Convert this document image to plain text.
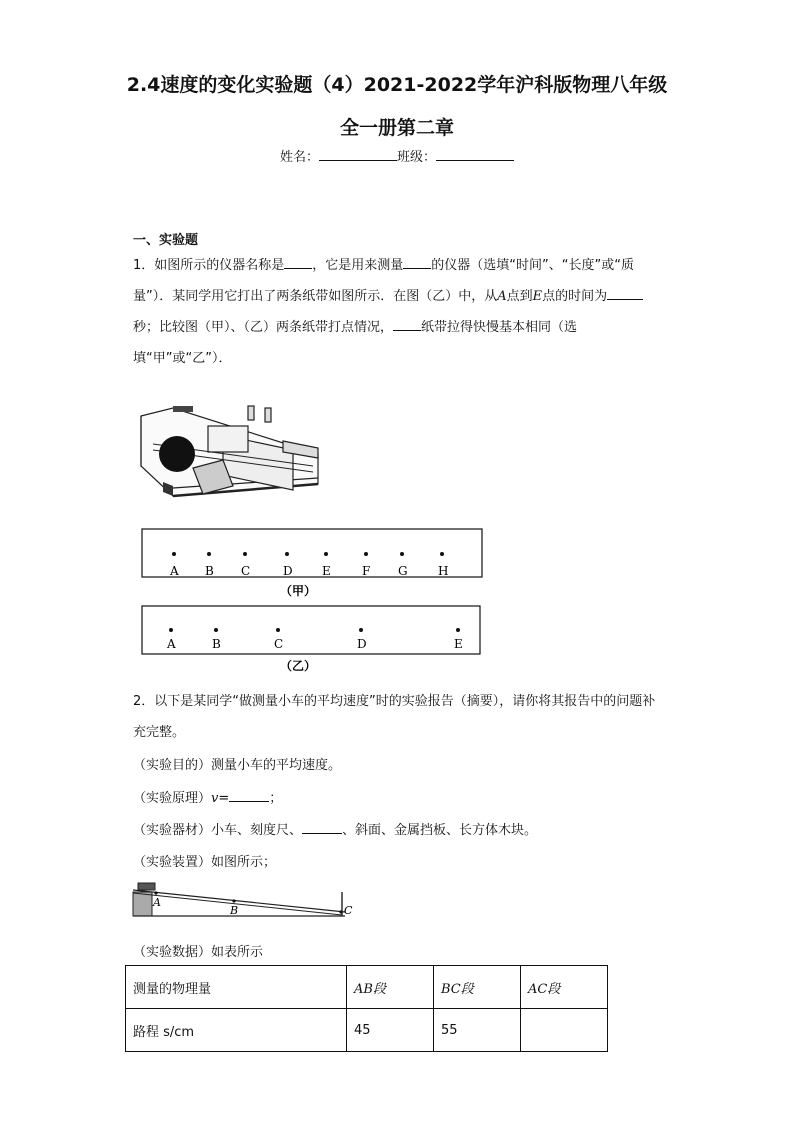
2.4速度的变化实验题（4）2021-2022学年沪科版物理八年级
全一册第二章
姓名：	班级：
一、实验题
1．如图所示的仪器名称是 ，它是用来测量 的仪器（选填“时间”、“长度”或“质量”）．某同学用它打出了两条纸带如图所示．在图（乙）中，从A点到E点的时间为秒；比较图（甲）、（乙）两条纸带打点情况， 纸带拉得快慢基本相同（选填“甲”或“乙”）．
A B C	D E	F G	H
（甲）
A	B	C	D	E
（乙）
2．以下是某同学“做测量小车的平均速度”时的实验报告（摘要），请你将其报告中的问题补充完整。
（实验目的）测量小车的平均速度。
（实验原理）v=	；
（实验器材）小车、刻度尺、	、斜面、金属挡板、长方体木块。
（实验装置）如图所示；
A
B	C
（实验数据）如表所示
测量的物理量	AB段	BC段	AC段
路程 s/cm	45	55	
